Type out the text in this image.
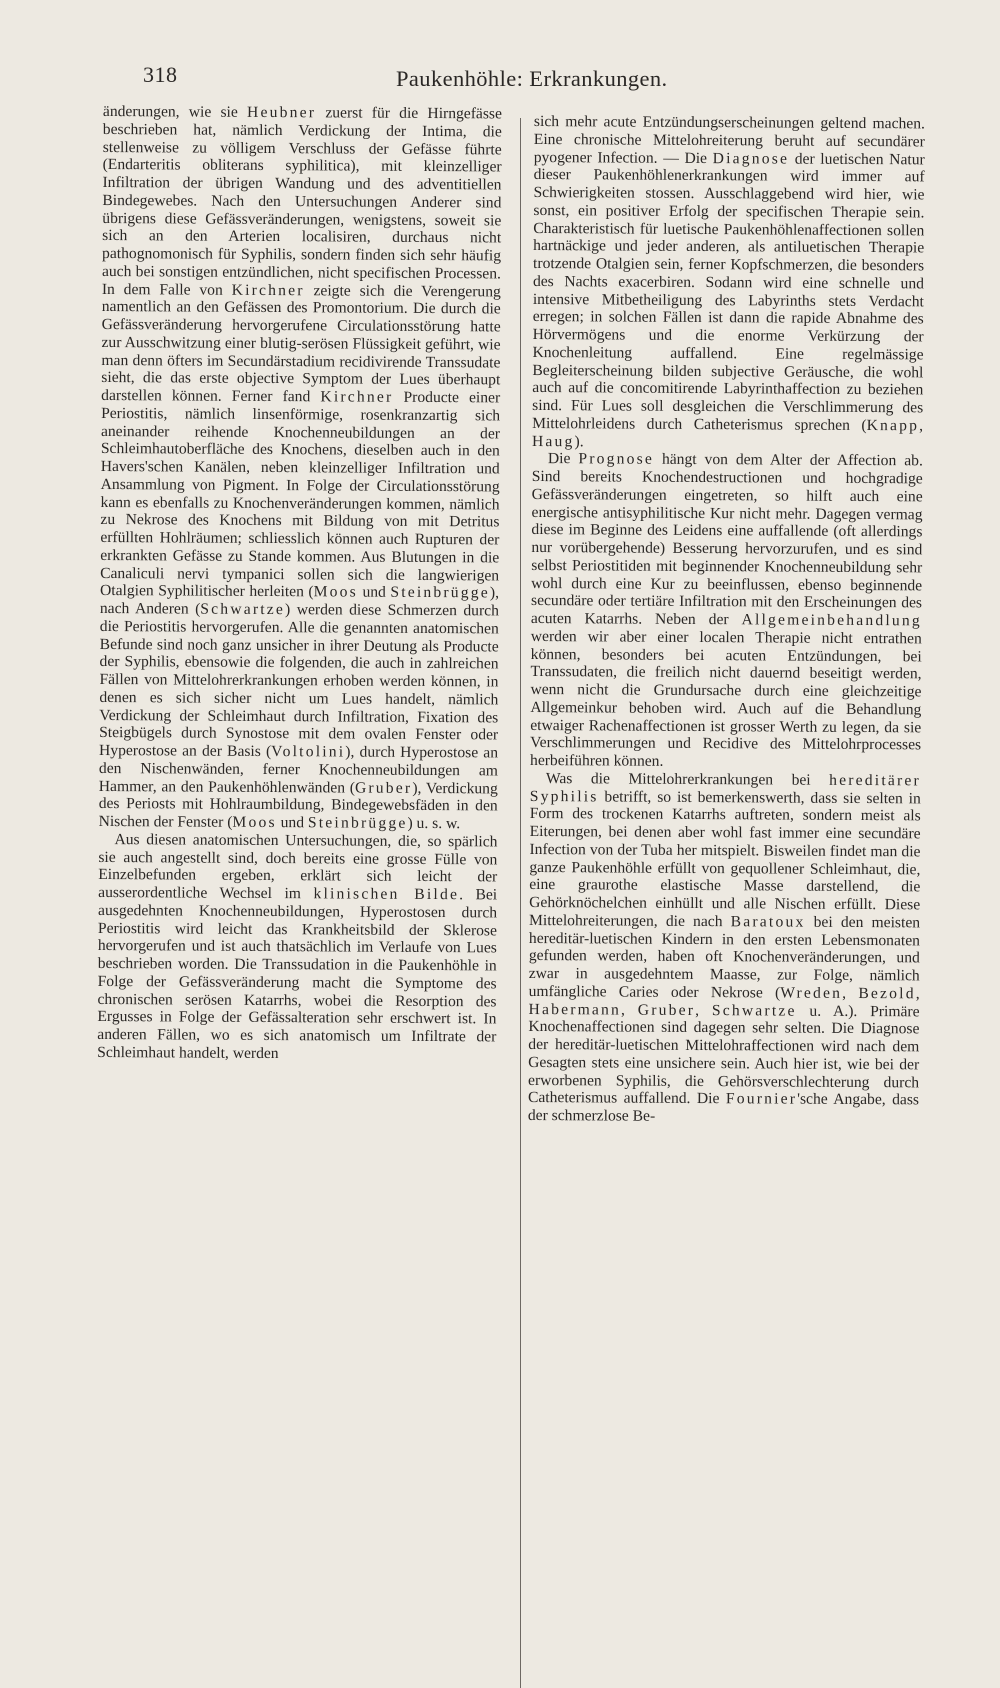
318	Paukenhöhle: Erkrankungen.

änderungen, wie sie Heubner zuerst für die Hirngefässe beschrieben hat, nämlich Verdickung der Intima, die stellenweise zu völligem Verschluss der Gefässe führte (Endarteritis obliterans syphilitica), mit kleinzelliger Infiltration der übrigen Wandung und des adventitiellen Bindegewebes. Nach den Untersuchungen Anderer sind übrigens diese Gefässveränderungen, wenigstens, soweit sie sich an den Arterien localisiren, durchaus nicht pathognomonisch für Syphilis, sondern finden sich sehr häufig auch bei sonstigen entzündlichen, nicht specifischen Processen. In dem Falle von Kirchner zeigte sich die Verengerung namentlich an den Gefässen des Promontorium. Die durch die Gefässveränderung hervorgerufene Circulationsstörung hatte zur Ausschwitzung einer blutig-serösen Flüssigkeit geführt, wie man denn öfters im Secundärstadium recidivirende Transsudate sieht, die das erste objective Symptom der Lues überhaupt darstellen können. Ferner fand Kirchner Producte einer Periostitis, nämlich linsenförmige, rosenkranzartig sich aneinander reihende Knochenneubildungen an der Schleimhautoberfläche des Knochens, dieselben auch in den Havers'schen Kanälen, neben kleinzelliger Infiltration und Ansammlung von Pigment. In Folge der Circulationsstörung kann es ebenfalls zu Knochenveränderungen kommen, nämlich zu Nekrose des Knochens mit Bildung von mit Detritus erfüllten Hohlräumen; schliesslich können auch Rupturen der erkrankten Gefässe zu Stande kommen. Aus Blutungen in die Canaliculi nervi tympanici sollen sich die langwierigen Otalgien Syphilitischer herleiten (Moos und Steinbrügge), nach Anderen (Schwartze) werden diese Schmerzen durch die Periostitis hervorgerufen. Alle die genannten anatomischen Befunde sind noch ganz unsicher in ihrer Deutung als Producte der Syphilis, ebensowie die folgenden, die auch in zahlreichen Fällen von Mittelohrerkrankungen erhoben werden können, in denen es sich sicher nicht um Lues handelt, nämlich Verdickung der Schleimhaut durch Infiltration, Fixation des Steigbügels durch Synostose mit dem ovalen Fenster oder Hyperostose an der Basis (Voltolini), durch Hyperostose an den Nischenwänden, ferner Knochenneubildungen am Hammer, an den Paukenhöhlenwänden (Gruber), Verdickung des Periosts mit Hohlraumbildung, Bindegewebsfäden in den Nischen der Fenster (Moos und Steinbrügge) u. s. w.

Aus diesen anatomischen Untersuchungen, die, so spärlich sie auch angestellt sind, doch bereits eine grosse Fülle von Einzelbefunden ergeben, erklärt sich leicht der ausserordentliche Wechsel im klinischen Bilde. Bei ausgedehnten Knochenneubildungen, Hyperostosen durch Periostitis wird leicht das Krankheitsbild der Sklerose hervorgerufen und ist auch thatsächlich im Verlaufe von Lues beschrieben worden. Die Transsudation in die Paukenhöhle in Folge der Gefässveränderung macht die Symptome des chronischen serösen Katarrhs, wobei die Resorption des Ergusses in Folge der Gefässalteration sehr erschwert ist. In anderen Fällen, wo es sich anatomisch um Infiltrate der Schleimhaut handelt, werden

sich mehr acute Entzündungserscheinungen geltend machen. Eine chronische Mittelohreiterung beruht auf secundärer pyogener Infection. — Die Diagnose der luetischen Natur dieser Paukenhöhlenerkrankungen wird immer auf Schwierigkeiten stossen. Ausschlaggebend wird hier, wie sonst, ein positiver Erfolg der specifischen Therapie sein. Charakteristisch für luetische Paukenhöhlenaffectionen sollen hartnäckige und jeder anderen, als antiluetischen Therapie trotzende Otalgien sein, ferner Kopfschmerzen, die besonders des Nachts exacerbiren. Sodann wird eine schnelle und intensive Mitbetheiligung des Labyrinths stets Verdacht erregen; in solchen Fällen ist dann die rapide Abnahme des Hörvermögens und die enorme Verkürzung der Knochenleitung auffallend. Eine regelmässige Begleiterscheinung bilden subjective Geräusche, die wohl auch auf die concomitirende Labyrinthaffection zu beziehen sind. Für Lues soll desgleichen die Verschlimmerung des Mittelohrleidens durch Catheterismus sprechen (Knapp, Haug).

Die Prognose hängt von dem Alter der Affection ab. Sind bereits Knochendestructionen und hochgradige Gefässveränderungen eingetreten, so hilft auch eine energische antisyphilitische Kur nicht mehr. Dagegen vermag diese im Beginne des Leidens eine auffallende (oft allerdings nur vorübergehende) Besserung hervorzurufen, und es sind selbst Periostitiden mit beginnender Knochenneubildung sehr wohl durch eine Kur zu beeinflussen, ebenso beginnende secundäre oder tertiäre Infiltration mit den Erscheinungen des acuten Katarrhs. Neben der Allgemeinbehandlung werden wir aber einer localen Therapie nicht entrathen können, besonders bei acuten Entzündungen, bei Transsudaten, die freilich nicht dauernd beseitigt werden, wenn nicht die Grundursache durch eine gleichzeitige Allgemeinkur behoben wird. Auch auf die Behandlung etwaiger Rachenaffectionen ist grosser Werth zu legen, da sie Verschlimmerungen und Recidive des Mittelohrprocesses herbeiführen können.

Was die Mittelohrerkrankungen bei hereditärer Syphilis betrifft, so ist bemerkenswerth, dass sie selten in Form des trockenen Katarrhs auftreten, sondern meist als Eiterungen, bei denen aber wohl fast immer eine secundäre Infection von der Tuba her mitspielt. Bisweilen findet man die ganze Paukenhöhle erfüllt von gequollener Schleimhaut, die, eine graurothe elastische Masse darstellend, die Gehörknöchelchen einhüllt und alle Nischen erfüllt. Diese Mittelohreiterungen, die nach Baratoux bei den meisten hereditär-luetischen Kindern in den ersten Lebensmonaten gefunden werden, haben oft Knochenveränderungen, und zwar in ausgedehntem Maasse, zur Folge, nämlich umfängliche Caries oder Nekrose (Wreden, Bezold, Habermann, Gruber, Schwartze u. A.). Primäre Knochenaffectionen sind dagegen sehr selten. Die Diagnose der hereditär-luetischen Mittelohraffectionen wird nach dem Gesagten stets eine unsichere sein. Auch hier ist, wie bei der erworbenen Syphilis, die Gehörsverschlechterung durch Catheterismus auffallend. Die Fournier'sche Angabe, dass der schmerzlose Be-
